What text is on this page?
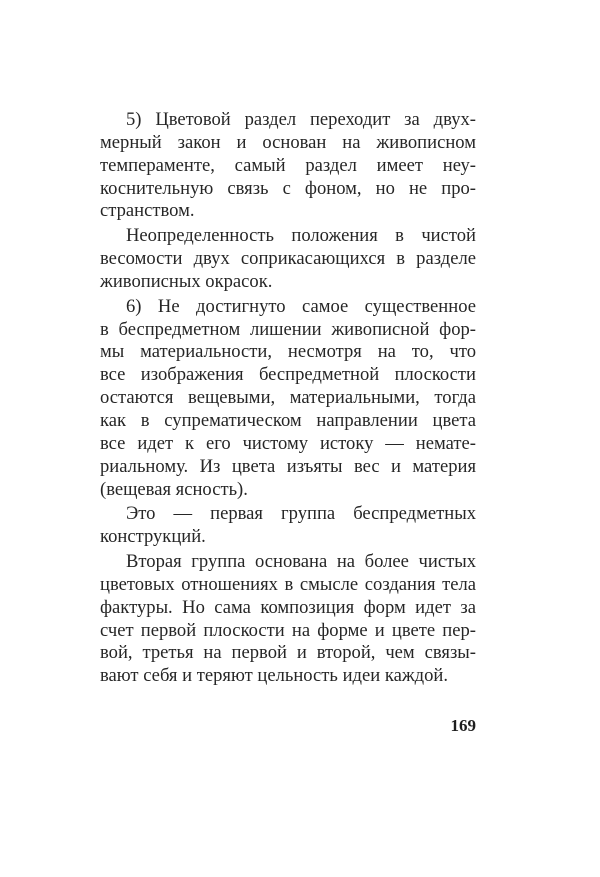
5) Цветовой раздел переходит за двух-
мерный закон и основан на живописном
темпераменте, самый раздел имеет неу-
коснительную связь с фоном, но не про-
странством.
Неопределенность положения в чистой
весомости двух соприкасающихся в разделе
живописных окрасок.
6) Не достигнуто самое существенное
в беспредметном лишении живописной фор-
мы материальности, несмотря на то, что
все изображения беспредметной плоскости
остаются вещевыми, материальными, тогда
как в супрематическом направлении цвета
все идет к его чистому истоку — немате-
риальному. Из цвета изъяты вес и материя
(вещевая ясность).
Это — первая группа беспредметных
конструкций.
Вторая группа основана на более чистых
цветовых отношениях в смысле создания тела
фактуры. Но сама композиция форм идет за
счет первой плоскости на форме и цвете пер-
вой, третья на первой и второй, чем связы-
вают себя и теряют цельность идеи каждой.
169
